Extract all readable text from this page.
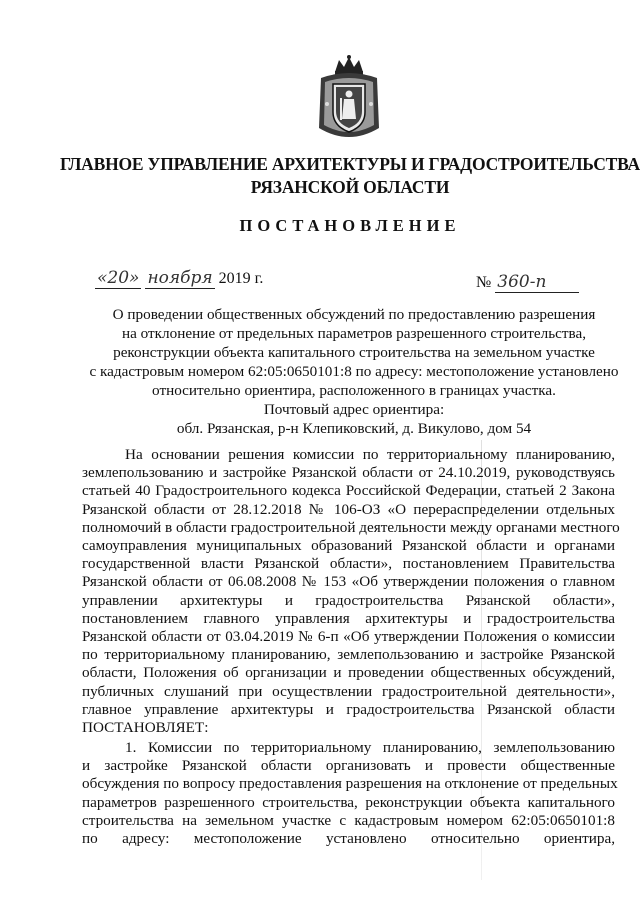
ГЛАВНОЕ УПРАВЛЕНИЕ АРХИТЕКТУРЫ И ГРАДОСТРОИТЕЛЬСТВА
РЯЗАНСКОЙ ОБЛАСТИ
ПОСТАНОВЛЕНИЕ
«20» ноября 2019 г.	№ 360-п
О проведении общественных обсуждений по предоставлению разрешения
на отклонение от предельных параметров разрешенного строительства,
реконструкции объекта капитального строительства на земельном участке
с кадастровым номером 62:05:0650101:8 по адресу: местоположение установлено
относительно ориентира, расположенного в границах участка.
Почтовый адрес ориентира:
обл. Рязанская, р-н Клепиковский, д. Викулово, дом 54
На основании решения комиссии по территориальному планированию,
землепользованию и застройке Рязанской области от 24.10.2019, руководствуясь
статьей 40 Градостроительного кодекса Российской Федерации, статьей 2 Закона
Рязанской области от 28.12.2018 № 106-ОЗ «О перераспределении отдельных
полномочий в области градостроительной деятельности между органами местного
самоуправления муниципальных образований Рязанской области и органами
государственной власти Рязанской области», постановлением Правительства
Рязанской области от 06.08.2008 № 153 «Об утверждении положения о главном
управлении архитектуры и градостроительства Рязанской области»,
постановлением главного управления архитектуры и градостроительства
Рязанской области от 03.04.2019 № 6-п «Об утверждении Положения о комиссии
по территориальному планированию, землепользованию и застройке Рязанской
области, Положения об организации и проведении общественных обсуждений,
публичных слушаний при осуществлении градостроительной деятельности»,
главное управление архитектуры и градостроительства Рязанской области
ПОСТАНОВЛЯЕТ:
1. Комиссии по территориальному планированию, землепользованию
и застройке Рязанской области организовать и провести общественные
обсуждения по вопросу предоставления разрешения на отклонение от предельных
параметров разрешенного строительства, реконструкции объекта капитального
строительства на земельном участке с кадастровым номером 62:05:0650101:8
по адресу: местоположение установлено относительно ориентира,
